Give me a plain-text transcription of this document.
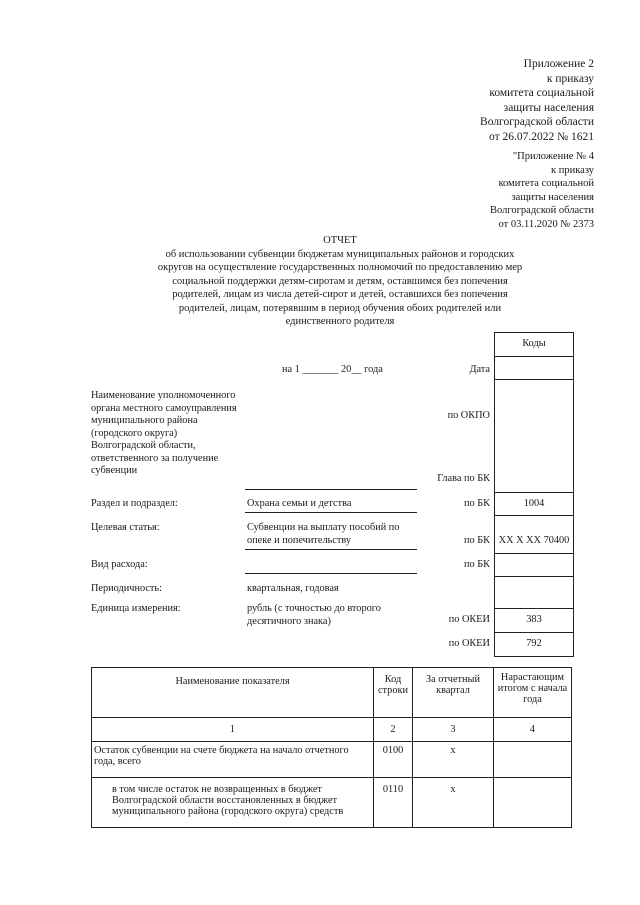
Приложение 2
к приказу
комитета социальной
защиты населения
Волгоградской области
от 26.07.2022 № 1621
"Приложение № 4
к приказу
комитета социальной
защиты населения
Волгоградской области
от 03.11.2020 № 2373
ОТЧЕТ
об использовании субвенции бюджетам муниципальных районов и городских
округов на осуществление государственных полномочий по предоставлению мер
социальной поддержки детям-сиротам и детям, оставшимся без попечения
родителей, лицам из числа детей-сирот и детей, оставшихся без попечения
родителей, лицам, потерявшим в период обучения обоих родителей или
единственного родителя
Коды
на 1 _______ 20__ года	Дата
Наименование уполномоченного органа местного самоуправления муниципального района (городского округа) Волгоградской области, ответственного за получение субвенции
по ОКПО
Глава по БК
Раздел и подраздел:	Охрана семьи и детства	по БК	1004
Целевая статья:	Субвенции на выплату пособий по опеке и попечительству	по БК XX X XX 70400
Вид расхода:	по БК
Периодичность:	квартальная, годовая
Единица измерения:	рубль (с точностью до второго десятичного знака)	по ОКЕИ	383
по ОКЕИ	792
Наименование показателя	Код строки	За отчетный квартал	Нарастающим итогом с начала года
1	2	3	4
Остаток субвенции на счете бюджета на начало отчетного года, всего	0100	x	
в том числе остаток не возвращенных в бюджет Волгоградской области восстановленных в бюджет муниципального района (городского округа) средств	0110	x	
